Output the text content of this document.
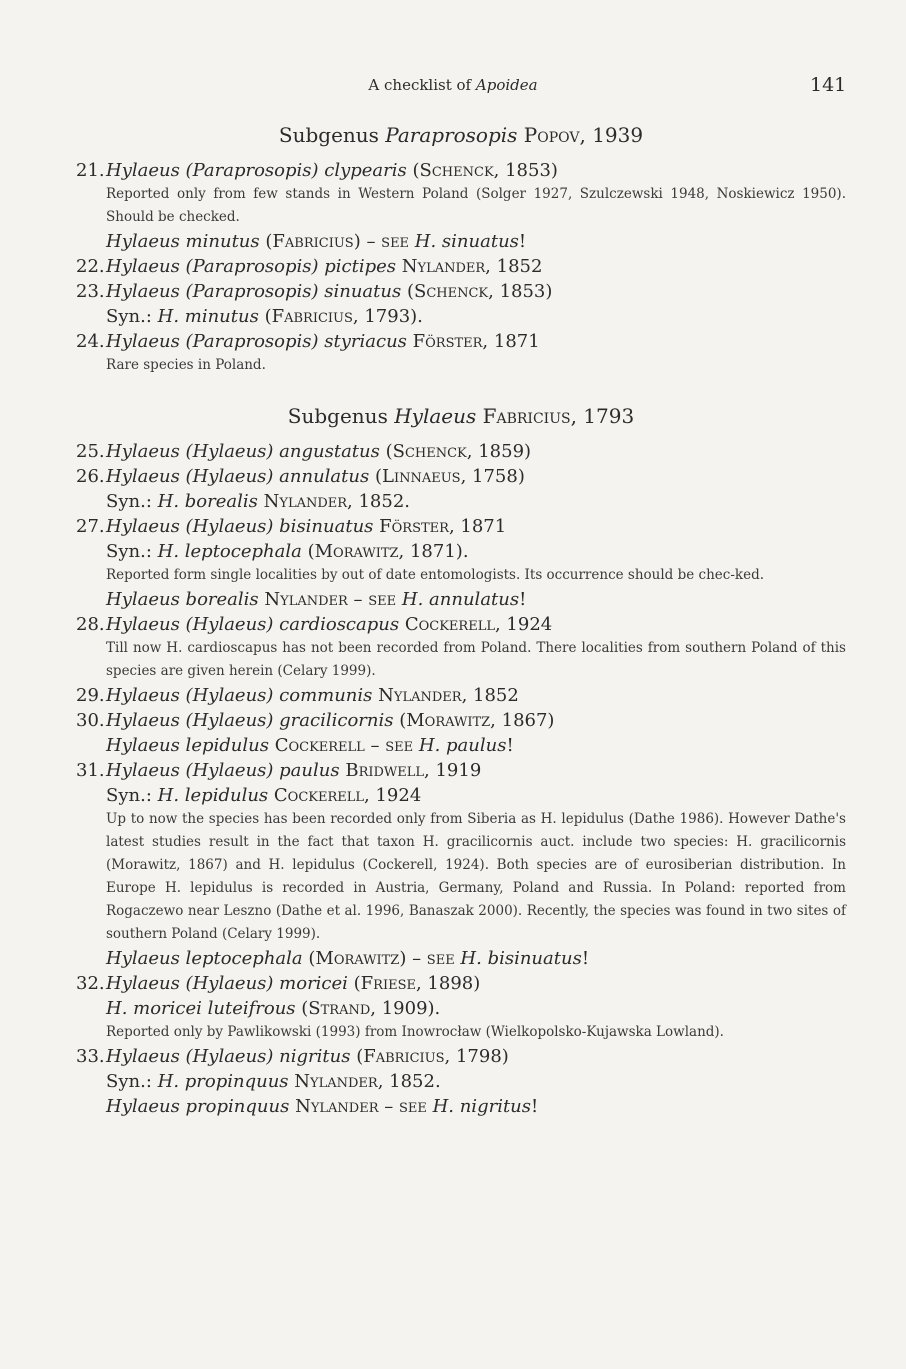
A checklist of Apoidea	141
Subgenus Paraprosopis Popov, 1939
21. Hylaeus (Paraprosopis) clypearis (Schenck, 1853)
Reported only from few stands in Western Poland (Solger 1927, Szulczewski 1948, Noskiewicz 1950). Should be checked.
Hylaeus minutus (Fabricius) – see H. sinuatus!
22. Hylaeus (Paraprosopis) pictipes Nylander, 1852
23. Hylaeus (Paraprosopis) sinuatus (Schenck, 1853)
Syn.: H. minutus (Fabricius, 1793).
24. Hylaeus (Paraprosopis) styriacus Förster, 1871
Rare species in Poland.
Subgenus Hylaeus Fabricius, 1793
25. Hylaeus (Hylaeus) angustatus (Schenck, 1859)
26. Hylaeus (Hylaeus) annulatus (Linnaeus, 1758)
Syn.: H. borealis Nylander, 1852.
27. Hylaeus (Hylaeus) bisinuatus Förster, 1871
Syn.: H. leptocephala (Morawitz, 1871).
Reported form single localities by out of date entomologists. Its occurrence should be chec-ked.
Hylaeus borealis Nylander – see H. annulatus!
28. Hylaeus (Hylaeus) cardioscapus Cockerell, 1924
Till now H. cardioscapus has not been recorded from Poland. There localities from southern Poland of this species are given herein (Celary 1999).
29. Hylaeus (Hylaeus) communis Nylander, 1852
30. Hylaeus (Hylaeus) gracilicornis (Morawitz, 1867)
Hylaeus lepidulus Cockerell – see H. paulus!
31. Hylaeus (Hylaeus) paulus Bridwell, 1919
Syn.: H. lepidulus Cockerell, 1924
Up to now the species has been recorded only from Siberia as H. lepidulus (Dathe 1986). However Dathe's latest studies result in the fact that taxon H. gracilicornis auct. include two species: H. gracilicornis (Morawitz, 1867) and H. lepidulus (Cockerell, 1924). Both species are of eurosiberian distribution. In Europe H. lepidulus is recorded in Austria, Germany, Poland and Russia. In Poland: reported from Rogaczewo near Leszno (Dathe et al. 1996, Banaszak 2000). Recently, the species was found in two sites of southern Poland (Celary 1999).
Hylaeus leptocephala (Morawitz) – see H. bisinuatus!
32. Hylaeus (Hylaeus) moricei (Friese, 1898)
H. moricei luteifrous (Strand, 1909).
Reported only by Pawlikowski (1993) from Inowrocław (Wielkopolsko-Kujawska Lowland).
33. Hylaeus (Hylaeus) nigritus (Fabricius, 1798)
Syn.: H. propinquus Nylander, 1852.
Hylaeus propinquus Nylander – see H. nigritus!
